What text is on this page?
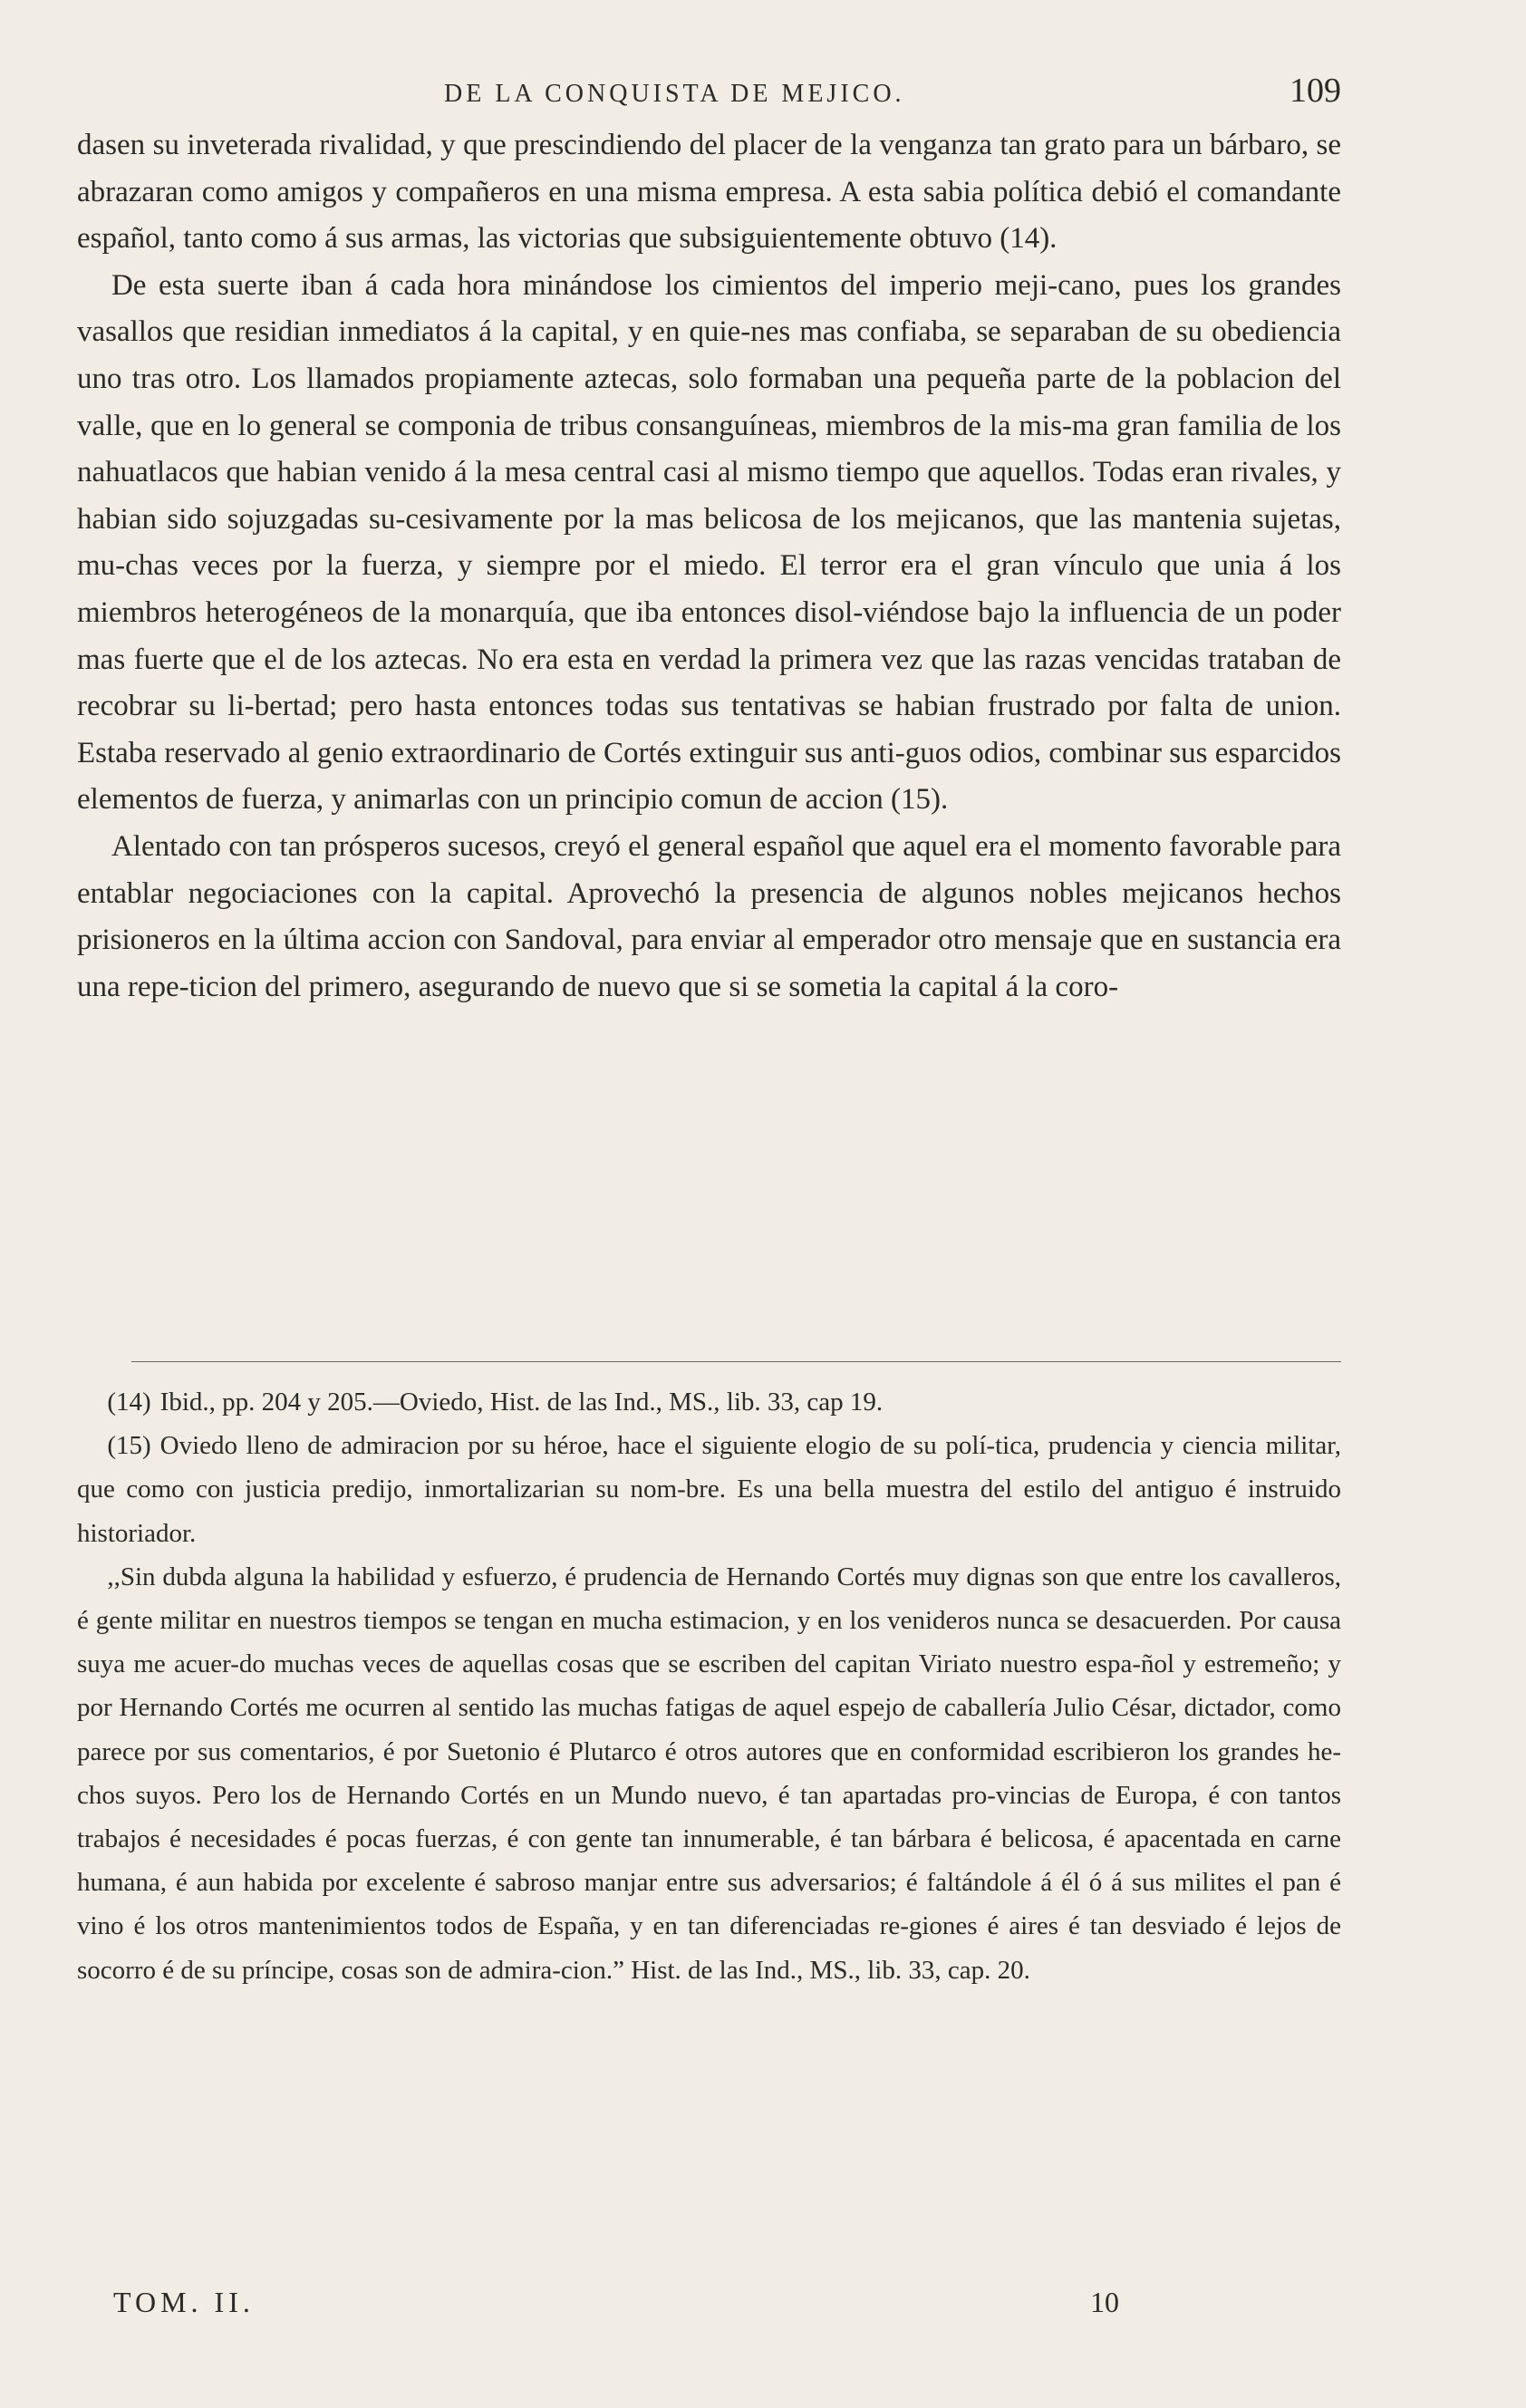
DE LA CONQUISTA DE MEJICO.	109

dasen su inveterada rivalidad, y que prescindiendo del placer de la venganza tan grato para un bárbaro, se abrazaran como amigos y compañeros en una misma empresa. A esta sabia política debió el comandante español, tanto como á sus armas, las victorias que subsiguientemente obtuvo (14).

De esta suerte iban á cada hora minándose los cimientos del imperio meji-cano, pues los grandes vasallos que residian inmediatos á la capital, y en quie-nes mas confiaba, se separaban de su obediencia uno tras otro. Los llamados propiamente aztecas, solo formaban una pequeña parte de la poblacion del valle, que en lo general se componia de tribus consanguíneas, miembros de la mis-ma gran familia de los nahuatlacos que habian venido á la mesa central casi al mismo tiempo que aquellos. Todas eran rivales, y habian sido sojuzgadas su-cesivamente por la mas belicosa de los mejicanos, que las mantenia sujetas, mu-chas veces por la fuerza, y siempre por el miedo. El terror era el gran vínculo que unia á los miembros heterogéneos de la monarquía, que iba entonces disol-viéndose bajo la influencia de un poder mas fuerte que el de los aztecas. No era esta en verdad la primera vez que las razas vencidas trataban de recobrar su li-bertad; pero hasta entonces todas sus tentativas se habian frustrado por falta de union. Estaba reservado al genio extraordinario de Cortés extinguir sus anti-guos odios, combinar sus esparcidos elementos de fuerza, y animarlas con un principio comun de accion (15).

Alentado con tan prósperos sucesos, creyó el general español que aquel era el momento favorable para entablar negociaciones con la capital. Aprovechó la presencia de algunos nobles mejicanos hechos prisioneros en la última accion con Sandoval, para enviar al emperador otro mensaje que en sustancia era una repe-ticion del primero, asegurando de nuevo que si se sometia la capital á la coro-

(14) Ibid., pp. 204 y 205.—Oviedo, Hist. de las Ind., MS., lib. 33, cap 19.

(15) Oviedo lleno de admiracion por su héroe, hace el siguiente elogio de su polí-tica, prudencia y ciencia militar, que como con justicia predijo, inmortalizarian su nom-bre. Es una bella muestra del estilo del antiguo é instruido historiador.

,,Sin dubda alguna la habilidad y esfuerzo, é prudencia de Hernando Cortés muy dignas son que entre los cavalleros, é gente militar en nuestros tiempos se tengan en mucha estimacion, y en los venideros nunca se desacuerden. Por causa suya me acuer-do muchas veces de aquellas cosas que se escriben del capitan Viriato nuestro espa-ñol y estremeño; y por Hernando Cortés me ocurren al sentido las muchas fatigas de aquel espejo de caballería Julio César, dictador, como parece por sus comentarios, é por Suetonio é Plutarco é otros autores que en conformidad escribieron los grandes he-chos suyos. Pero los de Hernando Cortés en un Mundo nuevo, é tan apartadas pro-vincias de Europa, é con tantos trabajos é necesidades é pocas fuerzas, é con gente tan innumerable, é tan bárbara é belicosa, é apacentada en carne humana, é aun habida por excelente é sabroso manjar entre sus adversarios; é faltándole á él ó á sus milites el pan é vino é los otros mantenimientos todos de España, y en tan diferenciadas re-giones é aires é tan desviado é lejos de socorro é de su príncipe, cosas son de admira-cion.” Hist. de las Ind., MS., lib. 33, cap. 20.

TOM. II.	10
